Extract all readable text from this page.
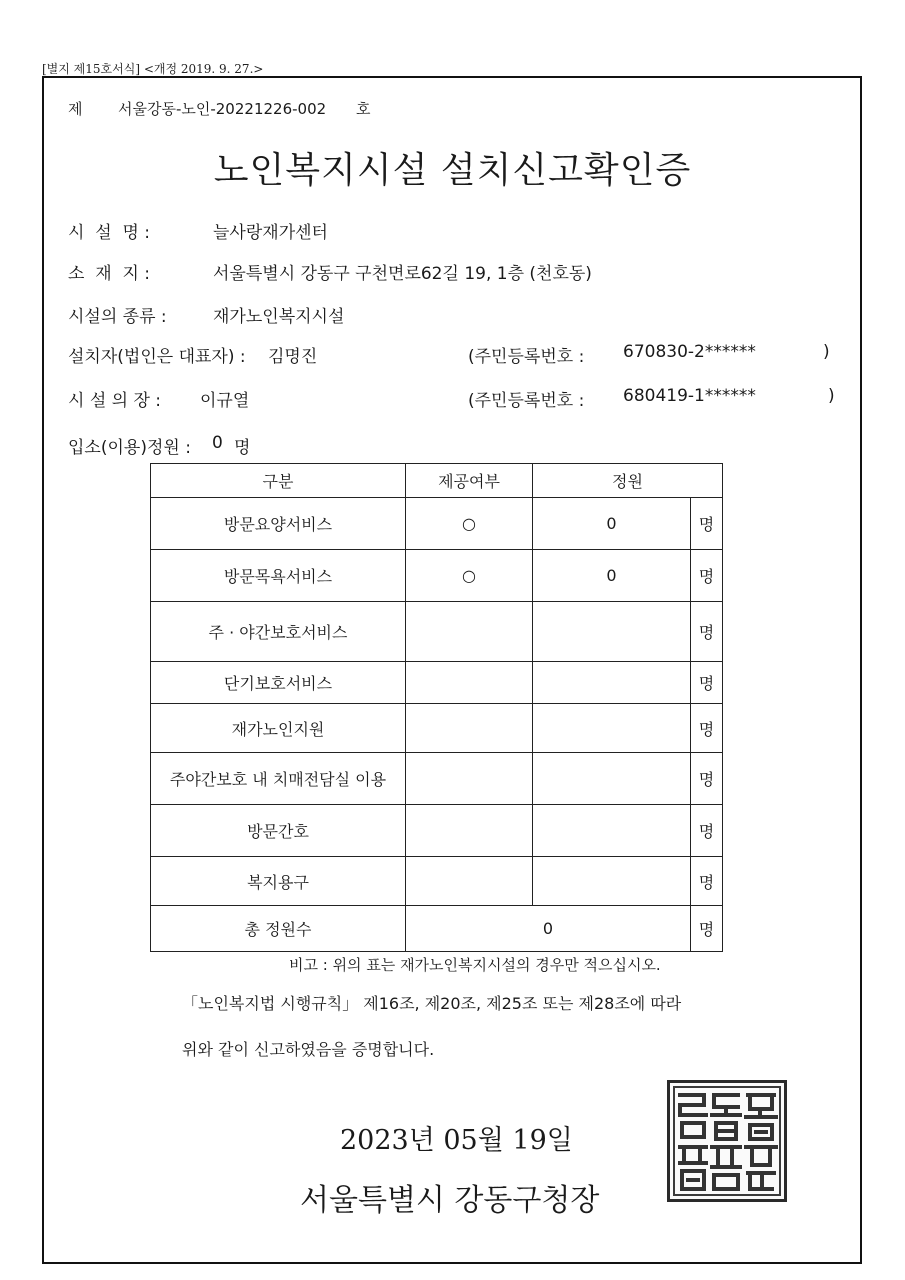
[별지 제15호서식] <개정 2019. 9. 27.>
제 서울강동-노인-20221226-002 호
노인복지시설 설치신고확인증
시  설  명 :	늘사랑재가센터
소  재  지 :	서울특별시 강동구 구천면로62길 19, 1층 (천호동)
시설의 종류 :	재가노인복지시설
설치자(법인은 대표자) : 김명진	(주민등록번호 : 670830-2******	)
시 설 의 장 : 이규열	(주민등록번호 : 680419-1******	)
입소(이용)정원 : 0 명
구분	제공여부	정원	
방문요양서비스	○	0	명
방문목욕서비스	○	0	명
주 · 야간보호서비스			명
단기보호서비스			명
재가노인지원			명
주야간보호 내 치매전담실 이용			명
방문간호			명
복지용구			명
총 정원수	0		명
비고 : 위의 표는 재가노인복지시설의 경우만 적으십시오.
「노인복지법 시행규칙」 제16조, 제20조, 제25조 또는 제28조에 따라
위와 같이 신고하였음을 증명합니다.
2023년 05월 19일
서울특별시 강동구청장
